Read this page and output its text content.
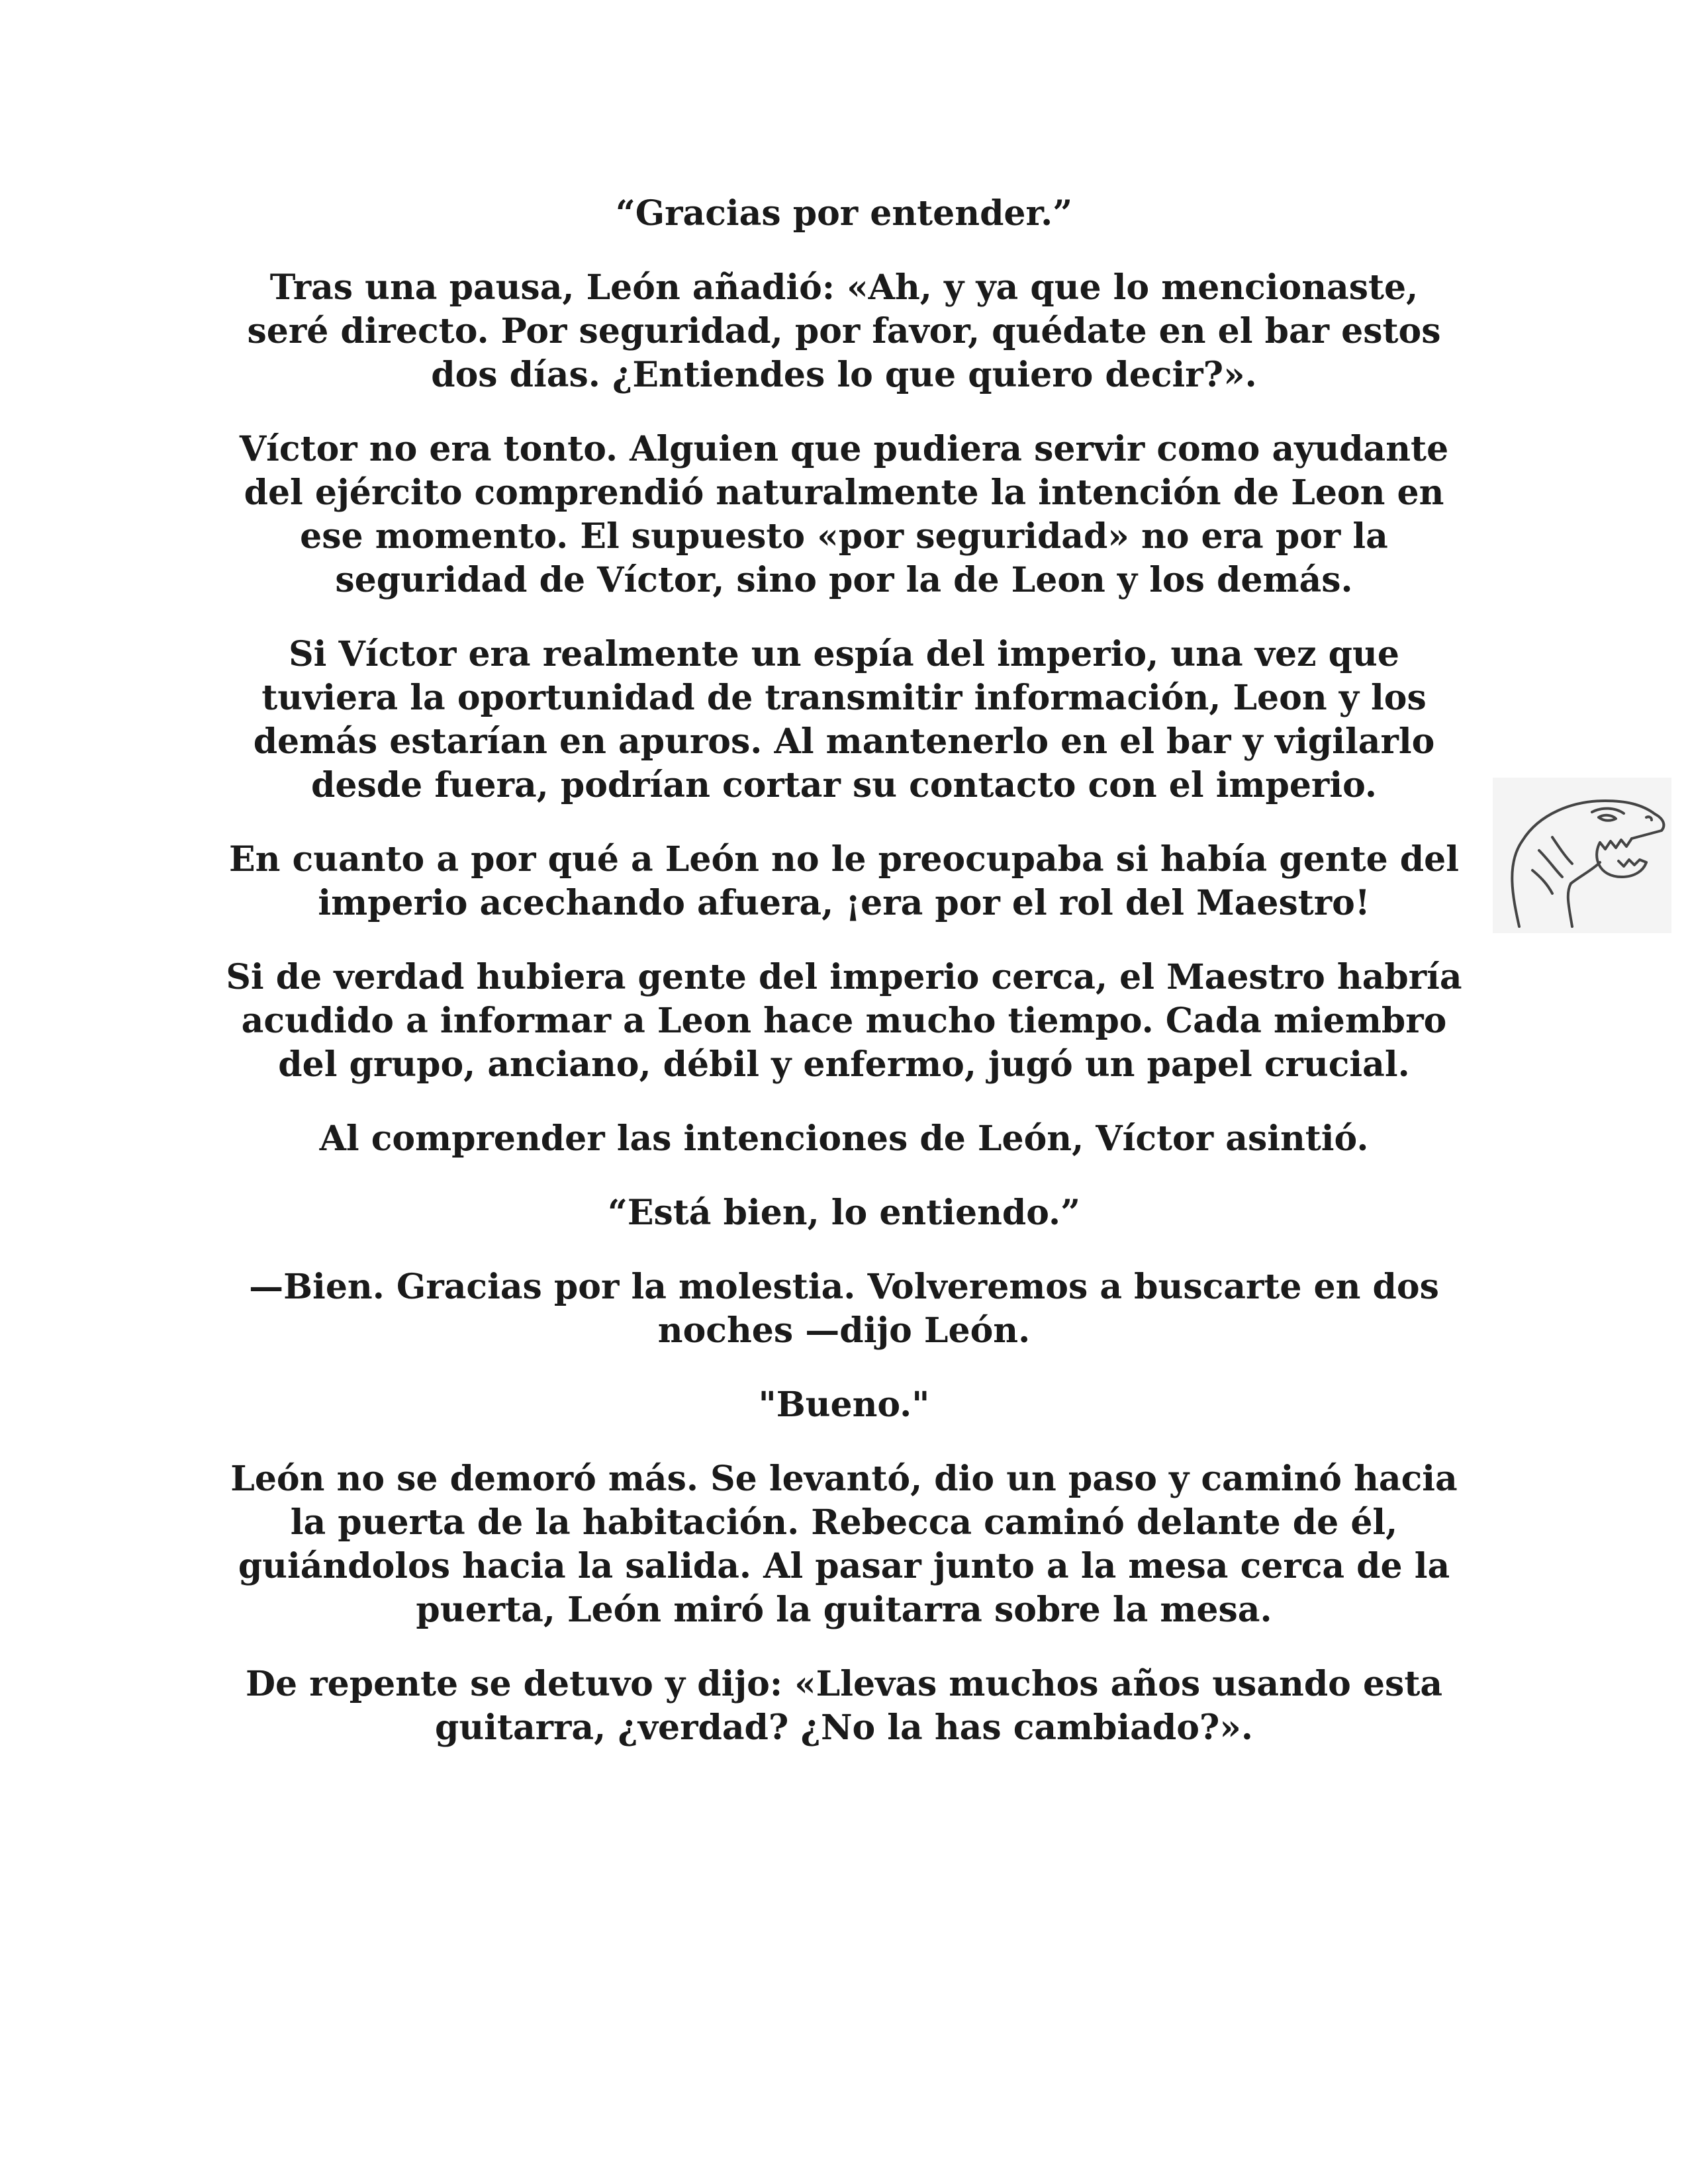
“Gracias por entender.”

Tras una pausa, León añadió: «Ah, y ya que lo mencionaste, seré directo. Por seguridad, por favor, quédate en el bar estos dos días. ¿Entiendes lo que quiero decir?».

Víctor no era tonto. Alguien que pudiera servir como ayudante del ejército comprendió naturalmente la intención de Leon en ese momento. El supuesto «por seguridad» no era por la seguridad de Víctor, sino por la de Leon y los demás.

Si Víctor era realmente un espía del imperio, una vez que tuviera la oportunidad de transmitir información, Leon y los demás estarían en apuros. Al mantenerlo en el bar y vigilarlo desde fuera, podrían cortar su contacto con el imperio.

En cuanto a por qué a León no le preocupaba si había gente del imperio acechando afuera, ¡era por el rol del Maestro!

Si de verdad hubiera gente del imperio cerca, el Maestro habría acudido a informar a Leon hace mucho tiempo. Cada miembro del grupo, anciano, débil y enfermo, jugó un papel crucial.

Al comprender las intenciones de León, Víctor asintió.

“Está bien, lo entiendo.”

—Bien. Gracias por la molestia. Volveremos a buscarte en dos noches —dijo León.

"Bueno."

León no se demoró más. Se levantó, dio un paso y caminó hacia la puerta de la habitación. Rebecca caminó delante de él, guiándolos hacia la salida. Al pasar junto a la mesa cerca de la puerta, León miró la guitarra sobre la mesa.

De repente se detuvo y dijo: «Llevas muchos años usando esta guitarra, ¿verdad? ¿No la has cambiado?».
